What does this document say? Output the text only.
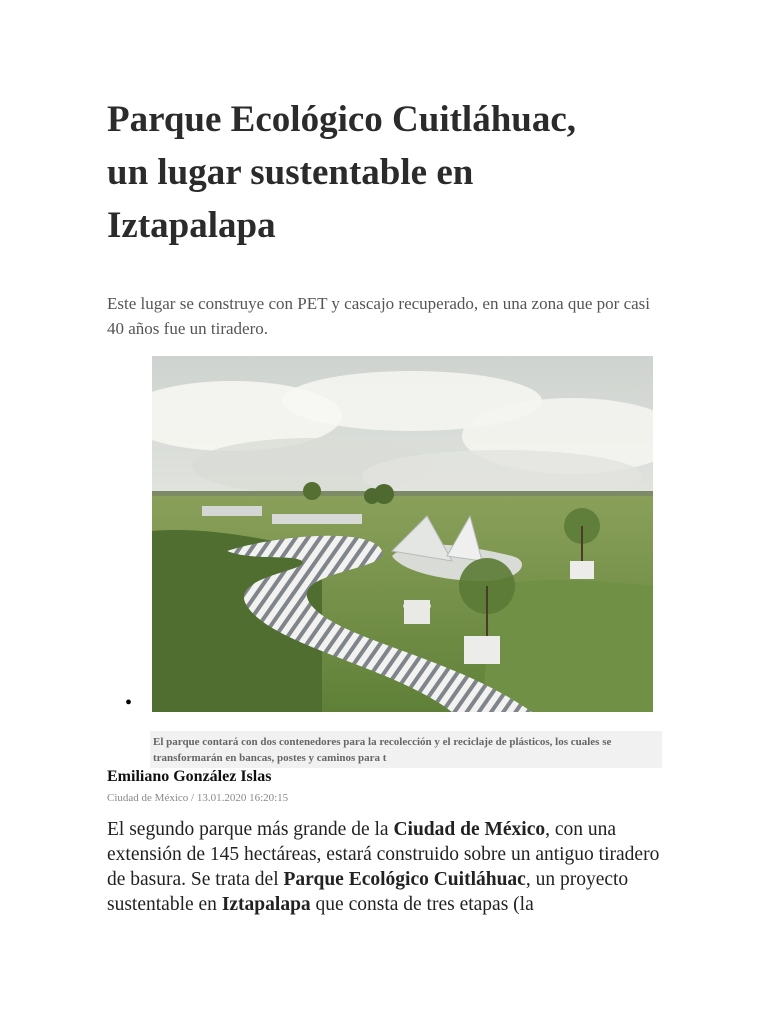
Parque Ecológico Cuitláhuac,
un lugar sustentable en
Iztapalapa

Este lugar se construye con PET y cascajo recuperado, en una zona que por casi 40 años fue un tiradero.

•

El parque contará con dos contenedores para la recolección y el reciclaje de plásticos, los cuales se transformarán en bancas, postes y caminos para t

Emiliano González Islas

Ciudad de México / 13.01.2020 16:20:15

El segundo parque más grande de la Ciudad de México, con una extensión de 145 hectáreas, estará construido sobre un antiguo tiradero de basura. Se trata del Parque Ecológico Cuitláhuac, un proyecto sustentable en Iztapalapa que consta de tres etapas (la
